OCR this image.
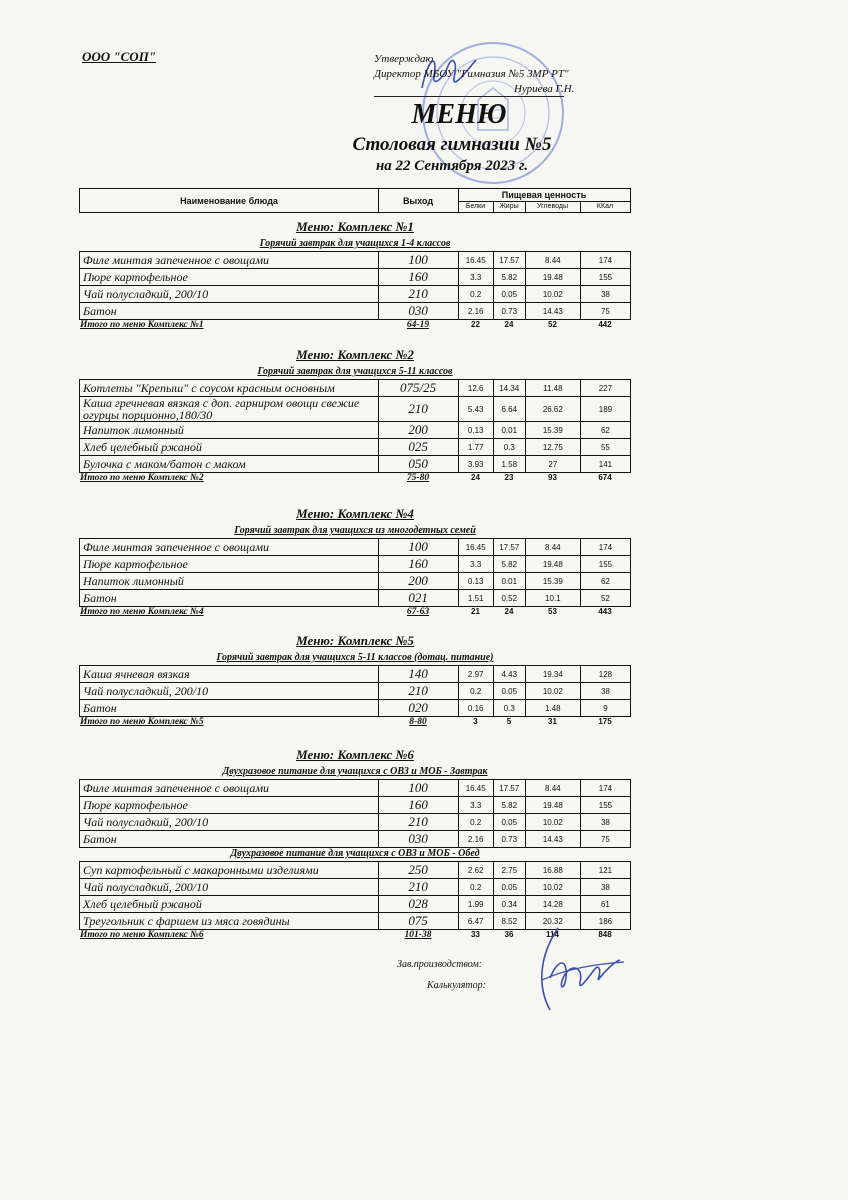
ООО "СОП"	Утверждаю
Директор МБОУ "Гимназия №5 ЗМР РТ"
Нуриева Г.Н.
МЕНЮ
Столовая гимназии №5
на 22 Сентября 2023 г.
Наименование блюда	Выход
Пищевая ценность
Белки	Жиры	Углеводы	ККал
Меню: Комплекс №1
Горячий завтрак для учащихся 1-4 классов
Филе минтая запеченное с овощами	100	16.45	17.57	8.44	174
Пюре картофельное	160	3.3	5.82	19.48	155
Чай полусладкий, 200/10	210	0.2	0.05	10.02	38
Батон	030	2.16	0.73	14.43	75
Итого по меню Комплекс №1	64-19	22	24	52	442
Меню: Комплекс №2
Горячий завтрак для учащихся 5-11 классов
Котлеты "Крепыш" с соусом красным основным	075/25	12.6	14.34	11.48	227
Каша гречневая вязкая с доп. гарниром овощи свежие огурцы порционно,180/30	210	5.43	6.64	26.62	189
Напиток лимонный	200	0.13	0.01	15.39	62
Хлеб целебный ржаной	025	1.77	0.3	12.75	55
Булочка с маком/батон с маком	050	3.93	1.58	27	141
Итого по меню Комплекс №2	75-80	24	23	93	674
Меню: Комплекс №4
Горячий завтрак для учащихся из многодетных семей
Филе минтая запеченное с овощами	100	16.45	17.57	8.44	174
Пюре картофельное	160	3.3	5.82	19.48	155
Напиток лимонный	200	0.13	0.01	15.39	62
Батон	021	1.51	0.52	10.1	52
Итого по меню Комплекс №4	67-63	21	24	53	443
Меню: Комплекс №5
Горячий завтрак для учащихся 5-11 классов (дотац. питание)
Каша ячневая вязкая	140	2.97	4.43	19.34	128
Чай полусладкий, 200/10	210	0.2	0.05	10.02	38
Батон	020	0.16	0.3	1.48	9
Итого по меню Комплекс №5	8-80	3	5	31	175
Меню: Комплекс №6
Двухразовое питание для учащихся с ОВЗ и МОБ - Завтрак
Филе минтая запеченное с овощами	100	16.45	17.57	8.44	174
Пюре картофельное	160	3.3	5.82	19.48	155
Чай полусладкий, 200/10	210	0.2	0.05	10.02	38
Батон	030	2.16	0.73	14.43	75
Двухразовое питание для учащихся с ОВЗ и МОБ - Обед
Суп картофельный с макаронными изделиями	250	2.62	2.75	16.88	121
Чай полусладкий, 200/10	210	0.2	0.05	10.02	38
Хлеб целебный ржаной	028	1.99	0.34	14.28	61
Треугольник с фаршем из мяса говядины	075	6.47	8.52	20.32	186
Итого по меню Комплекс №6	101-38	33	36	114	848
Зав.производством:
Калькулятор:
